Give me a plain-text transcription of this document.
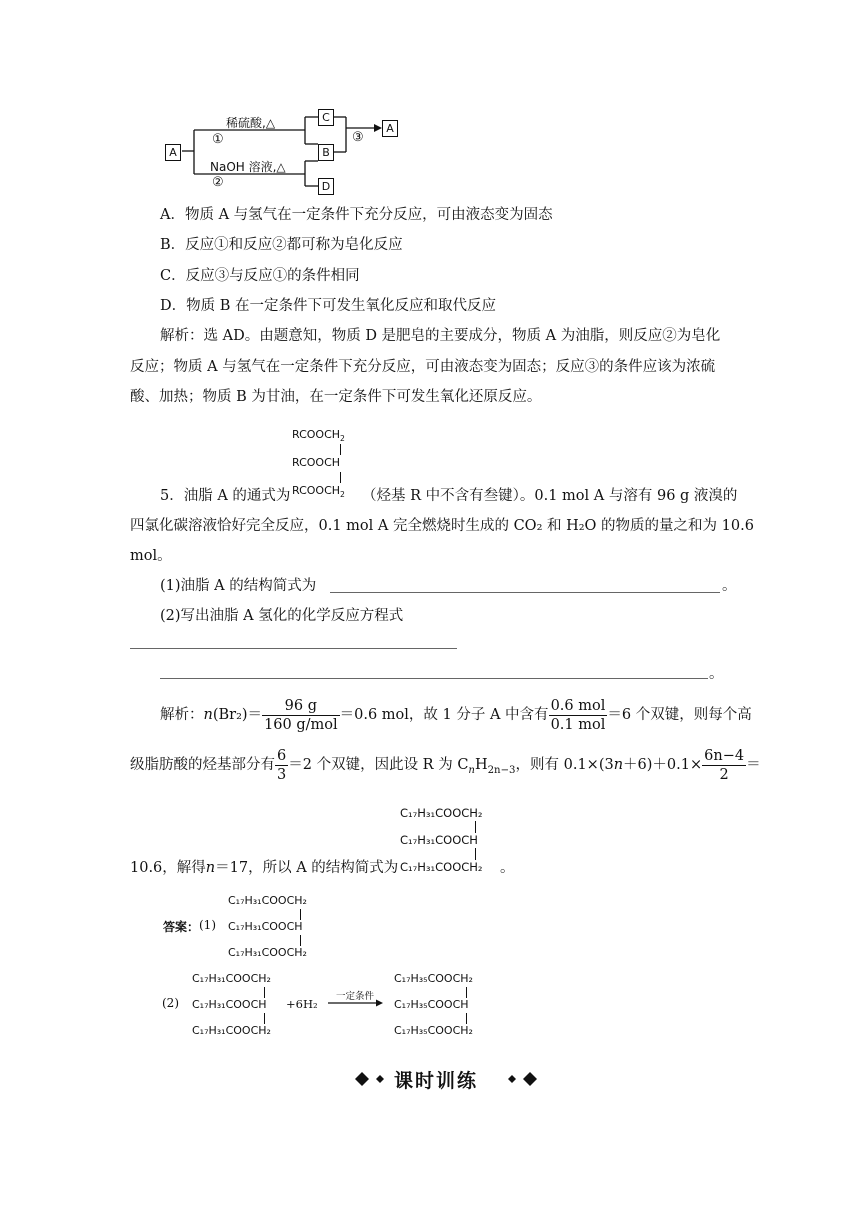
A
稀硫酸,△
①
NaOH 溶液,△
②
C
B
D
③
A
A．物质 A 与氢气在一定条件下充分反应，可由液态变为固态
B．反应①和反应②都可称为皂化反应
C．反应③与反应①的条件相同
D．物质 B 在一定条件下可发生氧化反应和取代反应
解析：选 AD。由题意知，物质 D 是肥皂的主要成分，物质 A 为油脂，则反应②为皂化
反应；物质 A 与氢气在一定条件下充分反应，可由液态变为固态；反应③的条件应该为浓硫
酸、加热；物质 B 为甘油，在一定条件下可发生氧化还原反应。
$RCOOCH_2$
RCOOCH
$RCOOCH_2$
5．油脂 A 的通式为	（烃基 R 中不含有叁键）。0.1 mol A 与溶有 96 g 液溴的
四氯化碳溶液恰好完全反应，0.1 mol A 完全燃烧时生成的 CO₂ 和 H₂O 的物质的量之和为 10.6
mol。
(1)油脂 A 的结构简式为	。
(2)写出油脂 A 氢化的化学反应方程式
。
解析：$n(Br_2)= \frac{96 g}{\text{160 g/mol}} =0.6$ mol，故 1 分子 A 中含有 $\frac{\text{0.6 mol}}{\text{0.1 mol}} =6$ 个双键，则每个高
级脂肪酸的烃基部分有 $\frac{6}{3} =2$ 个双键，因此设 R 为 $C_nH_{2n-3}$，则有 $0.1\times(3n+6)+0.1\times \frac{6n-4}{2}$ ＝
C₁₇H₃₁COOCH₂
C₁₇H₃₁COOCH
C₁₇H₃₁COOCH₂
10.6，解得n＝17，所以 A 的结构简式为	。
答案： (1)
C₁₇H₃₁COOCH₂
C₁₇H₃₁COOCH
C₁₇H₃₁COOCH₂
(2)
C₁₇H₃₁COOCH₂
C₁₇H₃₁COOCH
C₁₇H₃₁COOCH₂
+6H₂
一定条件
C₁₇H₃₅COOCH₂
C₁₇H₃₅COOCH
C₁₇H₃₅COOCH₂
课时训练
